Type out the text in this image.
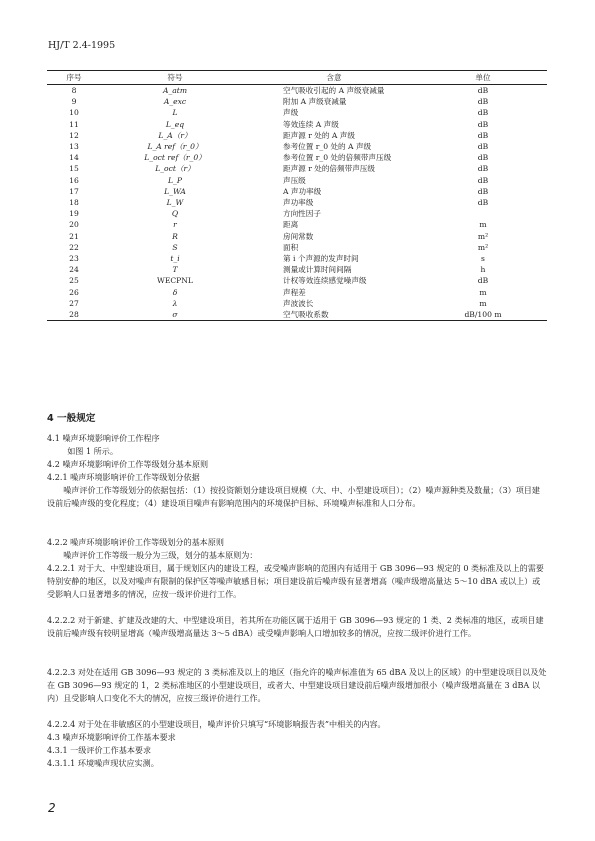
HJ/T 2.4-1995
序号	符号	含意	单位
8	A_atm	空气吸收引起的 A 声级衰减量	dB
9	A_exc	附加 A 声级衰减量	dB
10	L	声级	dB
11	L_eq	等效连续 A 声级	dB
12	L_A（r）	距声源 r 处的 A 声级	dB
13	L_A ref（r_0）	参考位置 r_0 处的 A 声级	dB
14	L_oct ref（r_0）	参考位置 r_0 处的倍频带声压级	dB
15	L_oct（r）	距声源 r 处的倍频带声压级	dB
16	L_P	声压级	dB
17	L_WA	A 声功率级	dB
18	L_W	声功率级	dB
19	Q	方向性因子	
20	r	距离	m
21	R	房间常数	m²
22	S	面积	m²
23	t_i	第 i 个声源的发声时间	s
24	T	测量或计算时间间隔	h
25	WECPNL	计权等效连续感觉噪声级	dB
26	δ	声程差	m
27	λ	声波波长	m
28	σ	空气吸收系数	dB/100 m
4 一般规定

4.1 噪声环境影响评价工作程序

如图 1 所示。

4.2 噪声环境影响评价工作等级划分基本原则

4.2.1 噪声环境影响评价工作等级划分依据

噪声评价工作等级划分的依据包括：（1）按投资额划分建设项目规模（大、中、小型建设项目）；（2）噪声源种类及数量；（3）项目建设前后噪声级的变化程度；（4）建设项目噪声有影响范围内的环境保护目标、环境噪声标准和人口分布。

4.2.2 噪声环境影响评价工作等级划分的基本原则

噪声评价工作等级一般分为三级，划分的基本原则为：

4.2.2.1 对于大、中型建设项目，属于规划区内的建设工程，或受噪声影响的范围内有适用于 GB 3096—93 规定的 0 类标准及以上的需要特别安静的地区，以及对噪声有限制的保护区等噪声敏感目标；项目建设前后噪声级有显著增高（噪声级增高量达 5～10 dBA 或以上）或受影响人口显著增多的情况，应按一级评价进行工作。

4.2.2.2 对于新建、扩建及改建的大、中型建设项目，若其所在功能区属于适用于 GB 3096—93 规定的 1 类、2 类标准的地区，或项目建设前后噪声级有较明显增高（噪声级增高量达 3～5 dBA）或受噪声影响人口增加较多的情况，应按二级评价进行工作。

4.2.2.3 对处在适用 GB 3096—93 规定的 3 类标准及以上的地区（指允许的噪声标准值为 65 dBA 及以上的区域）的中型建设项目以及处在 GB 3096—93 规定的 1，2 类标准地区的小型建设项目，或者大、中型建设项目建设前后噪声级增加很小（噪声级增高量在 3 dBA 以内）且受影响人口变化不大的情况，应按三级评价进行工作。

4.2.2.4 对于处在非敏感区的小型建设项目，噪声评价只填写“环境影响报告表”中相关的内容。

4.3 噪声环境影响评价工作基本要求

4.3.1 一级评价工作基本要求

4.3.1.1 环境噪声现状应实测。

2
